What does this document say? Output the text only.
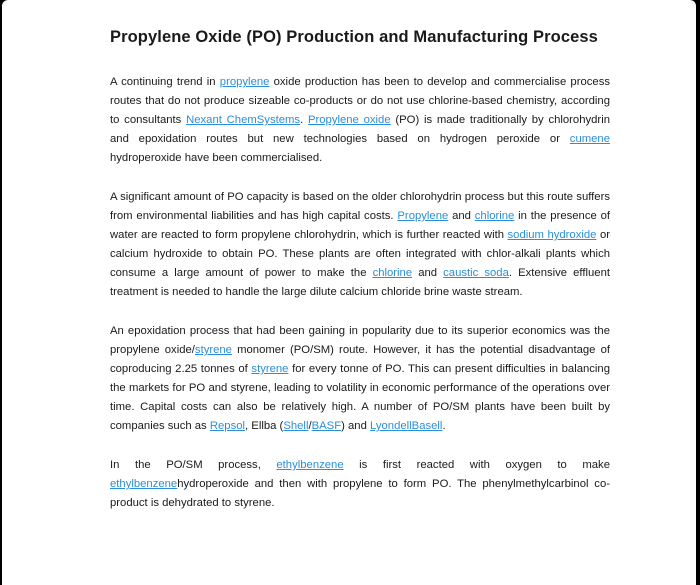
Propylene Oxide (PO) Production and Manufacturing Process

A continuing trend in propylene oxide production has been to develop and commercialise process routes that do not produce sizeable co-products or do not use chlorine-based chemistry, according to consultants Nexant ChemSystems. Propylene oxide (PO) is made traditionally by chlorohydrin and epoxidation routes but new technologies based on hydrogen peroxide or cumene hydroperoxide have been commercialised.

A significant amount of PO capacity is based on the older chlorohydrin process but this route suffers from environmental liabilities and has high capital costs. Propylene and chlorine in the presence of water are reacted to form propylene chlorohydrin, which is further reacted with sodium hydroxide or calcium hydroxide to obtain PO. These plants are often integrated with chlor-alkali plants which consume a large amount of power to make the chlorine and caustic soda. Extensive effluent treatment is needed to handle the large dilute calcium chloride brine waste stream.

An epoxidation process that had been gaining in popularity due to its superior economics was the propylene oxide/styrene monomer (PO/SM) route. However, it has the potential disadvantage of coproducing 2.25 tonnes of styrene for every tonne of PO. This can present difficulties in balancing the markets for PO and styrene, leading to volatility in economic performance of the operations over time. Capital costs can also be relatively high. A number of PO/SM plants have been built by companies such as Repsol, Ellba (Shell/BASF) and LyondellBasell.

In the PO/SM process, ethylbenzene is first reacted with oxygen to make ethylbenzenehydroperoxide and then with propylene to form PO. The phenylmethylcarbinol co-product is dehydrated to styrene.
